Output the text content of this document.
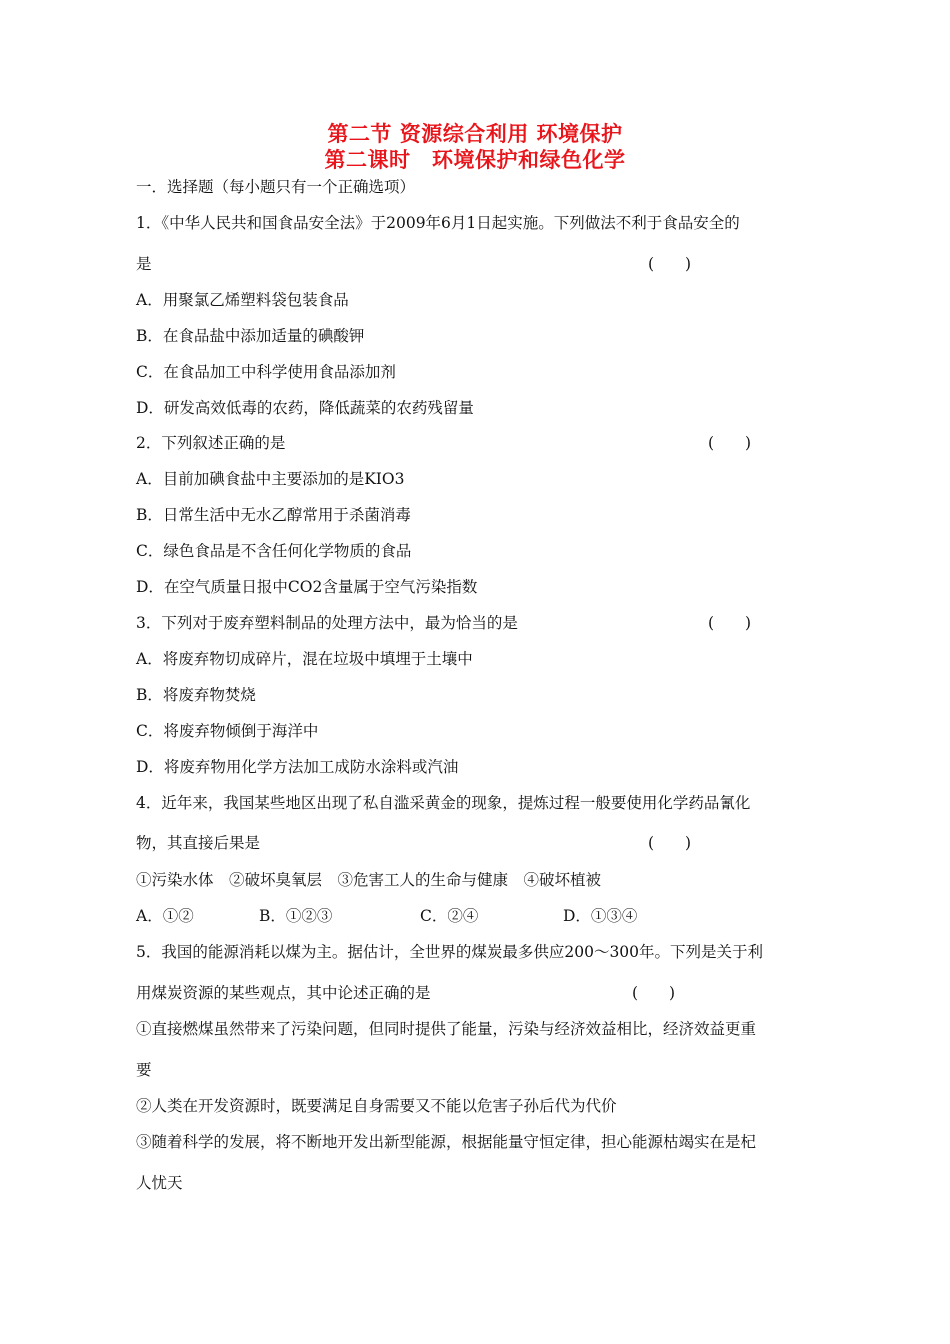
第二节 资源综合利用 环境保护
第二课时　环境保护和绿色化学
一．选择题（每小题只有一个正确选项）
1．《中华人民共和国食品安全法》于2009年6月1日起实施。下列做法不利于食品安全的
是	(　　)
A．用聚氯乙烯塑料袋包装食品
B．在食品盐中添加适量的碘酸钾
C．在食品加工中科学使用食品添加剂
D．研发高效低毒的农药，降低蔬菜的农药残留量
2．下列叙述正确的是	(　　)
A．目前加碘食盐中主要添加的是KIO3
B．日常生活中无水乙醇常用于杀菌消毒
C．绿色食品是不含任何化学物质的食品
D．在空气质量日报中CO2含量属于空气污染指数
3．下列对于废弃塑料制品的处理方法中，最为恰当的是	(　　)
A．将废弃物切成碎片，混在垃圾中填埋于土壤中
B．将废弃物焚烧
C．将废弃物倾倒于海洋中
D．将废弃物用化学方法加工成防水涂料或汽油
4．近年来，我国某些地区出现了私自滥采黄金的现象，提炼过程一般要使用化学药品氰化
物，其直接后果是	(　　)
①污染水体　②破坏臭氧层　③危害工人的生命与健康　④破坏植被
A．①②	B．①②③	C．②④	D．①③④
5．我国的能源消耗以煤为主。据估计，全世界的煤炭最多供应200～300年。下列是关于利
用煤炭资源的某些观点，其中论述正确的是	(　　)
①直接燃煤虽然带来了污染问题，但同时提供了能量，污染与经济效益相比，经济效益更重
要
②人类在开发资源时，既要满足自身需要又不能以危害子孙后代为代价
③随着科学的发展，将不断地开发出新型能源，根据能量守恒定律，担心能源枯竭实在是杞
人忧天
